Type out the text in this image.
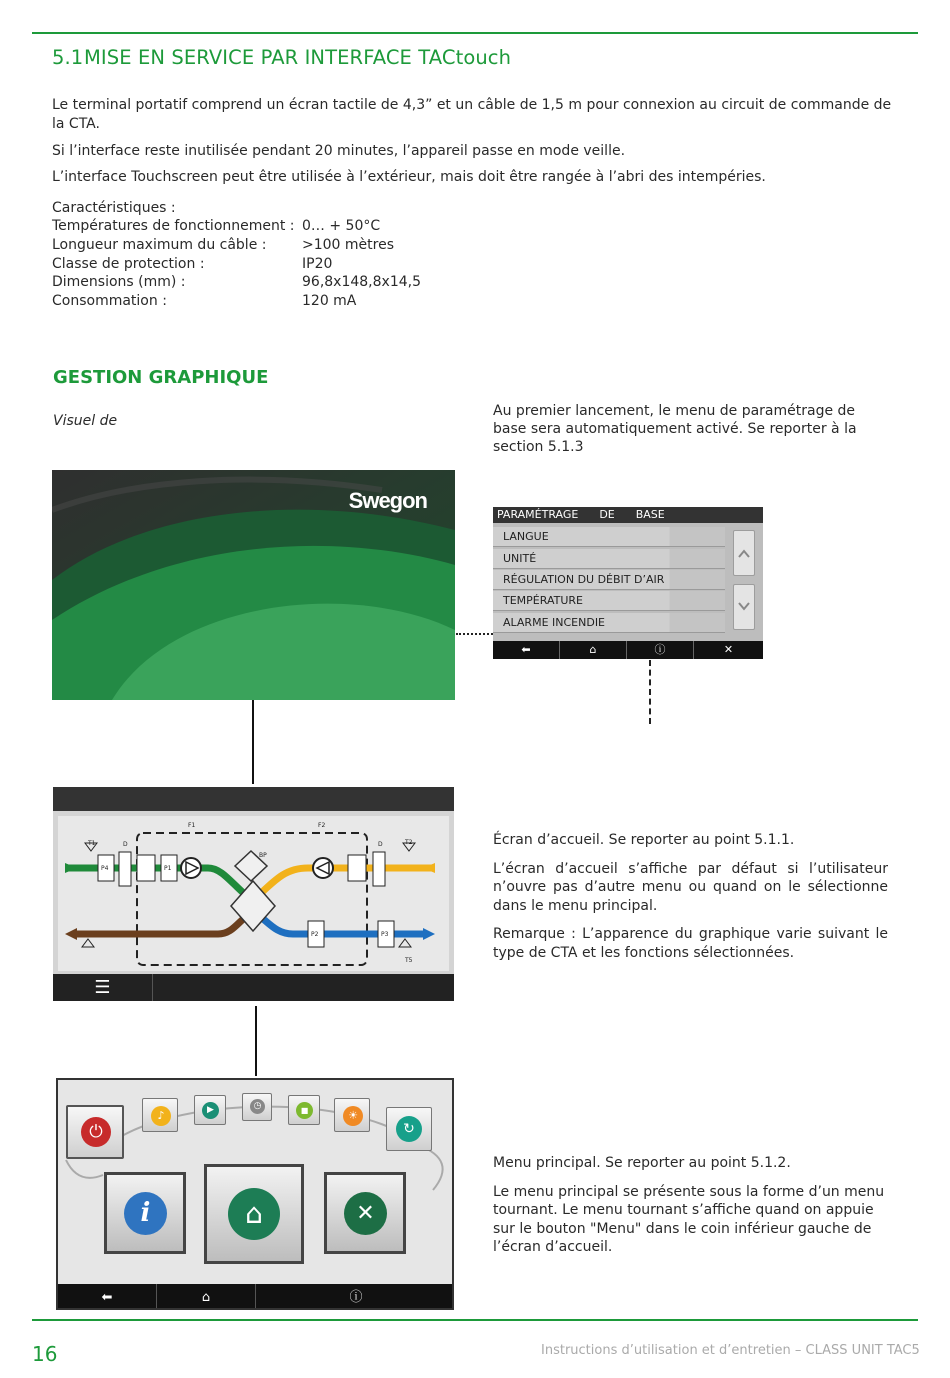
5.1MISE EN SERVICE PAR INTERFACE TACtouch
Le terminal portatif comprend un écran tactile de 4,3” et un câble de 1,5 m pour connexion au circuit de commande de la CTA.
Si l’interface reste inutilisée pendant 20 minutes, l’appareil passe en mode veille.
L’interface Touchscreen peut être utilisée à l’extérieur, mais doit être rangée à l’abri des intempéries.
Caractéristiques :
Températures de fonctionnement : 0… + 50°C
Longueur maximum du câble :	>100 mètres
Classe de protection :	IP20
Dimensions (mm) :	96,8x148,8x14,5
Consommation :	120 mA
GESTION GRAPHIQUE
Visuel de
Au premier lancement, le menu de paramétrage de base sera automatiquement activé. Se reporter à la section 5.1.3
Swegon
PARAMÉTRAGE      DE      BASE
LANGUE
UNITÉ
RÉGULATION DU DÉBIT D’AIR
TEMPÉRATURE
ALARME INCENDIE
⬅	⌂	ⓘ	✕
F1	F2
T1	T2
T5
D	D
BP
P4	P1
P2	P3
☰

Écran d’accueil. Se reporter au point 5.1.1.

L’écran d’accueil s’affiche par défaut si l’utilisateur n’ouvre pas d’autre menu ou quand on le sélectionne dans le menu principal.

Remarque : L’apparence du graphique varie suivant le type de CTA et les fonctions sélectionnées.

⏻
♪	▶	◷	■	☀
↻
i	⌂	✕
⬅	⌂	ⓘ

Menu principal. Se reporter au point 5.1.2.

Le menu principal se présente sous la forme d’un menu tournant. Le menu tournant s’affiche quand on appuie sur le bouton "Menu" dans le coin inférieur gauche de l’écran d’accueil.

16	Instructions d’utilisation et d’entretien – CLASS UNIT TAC5
